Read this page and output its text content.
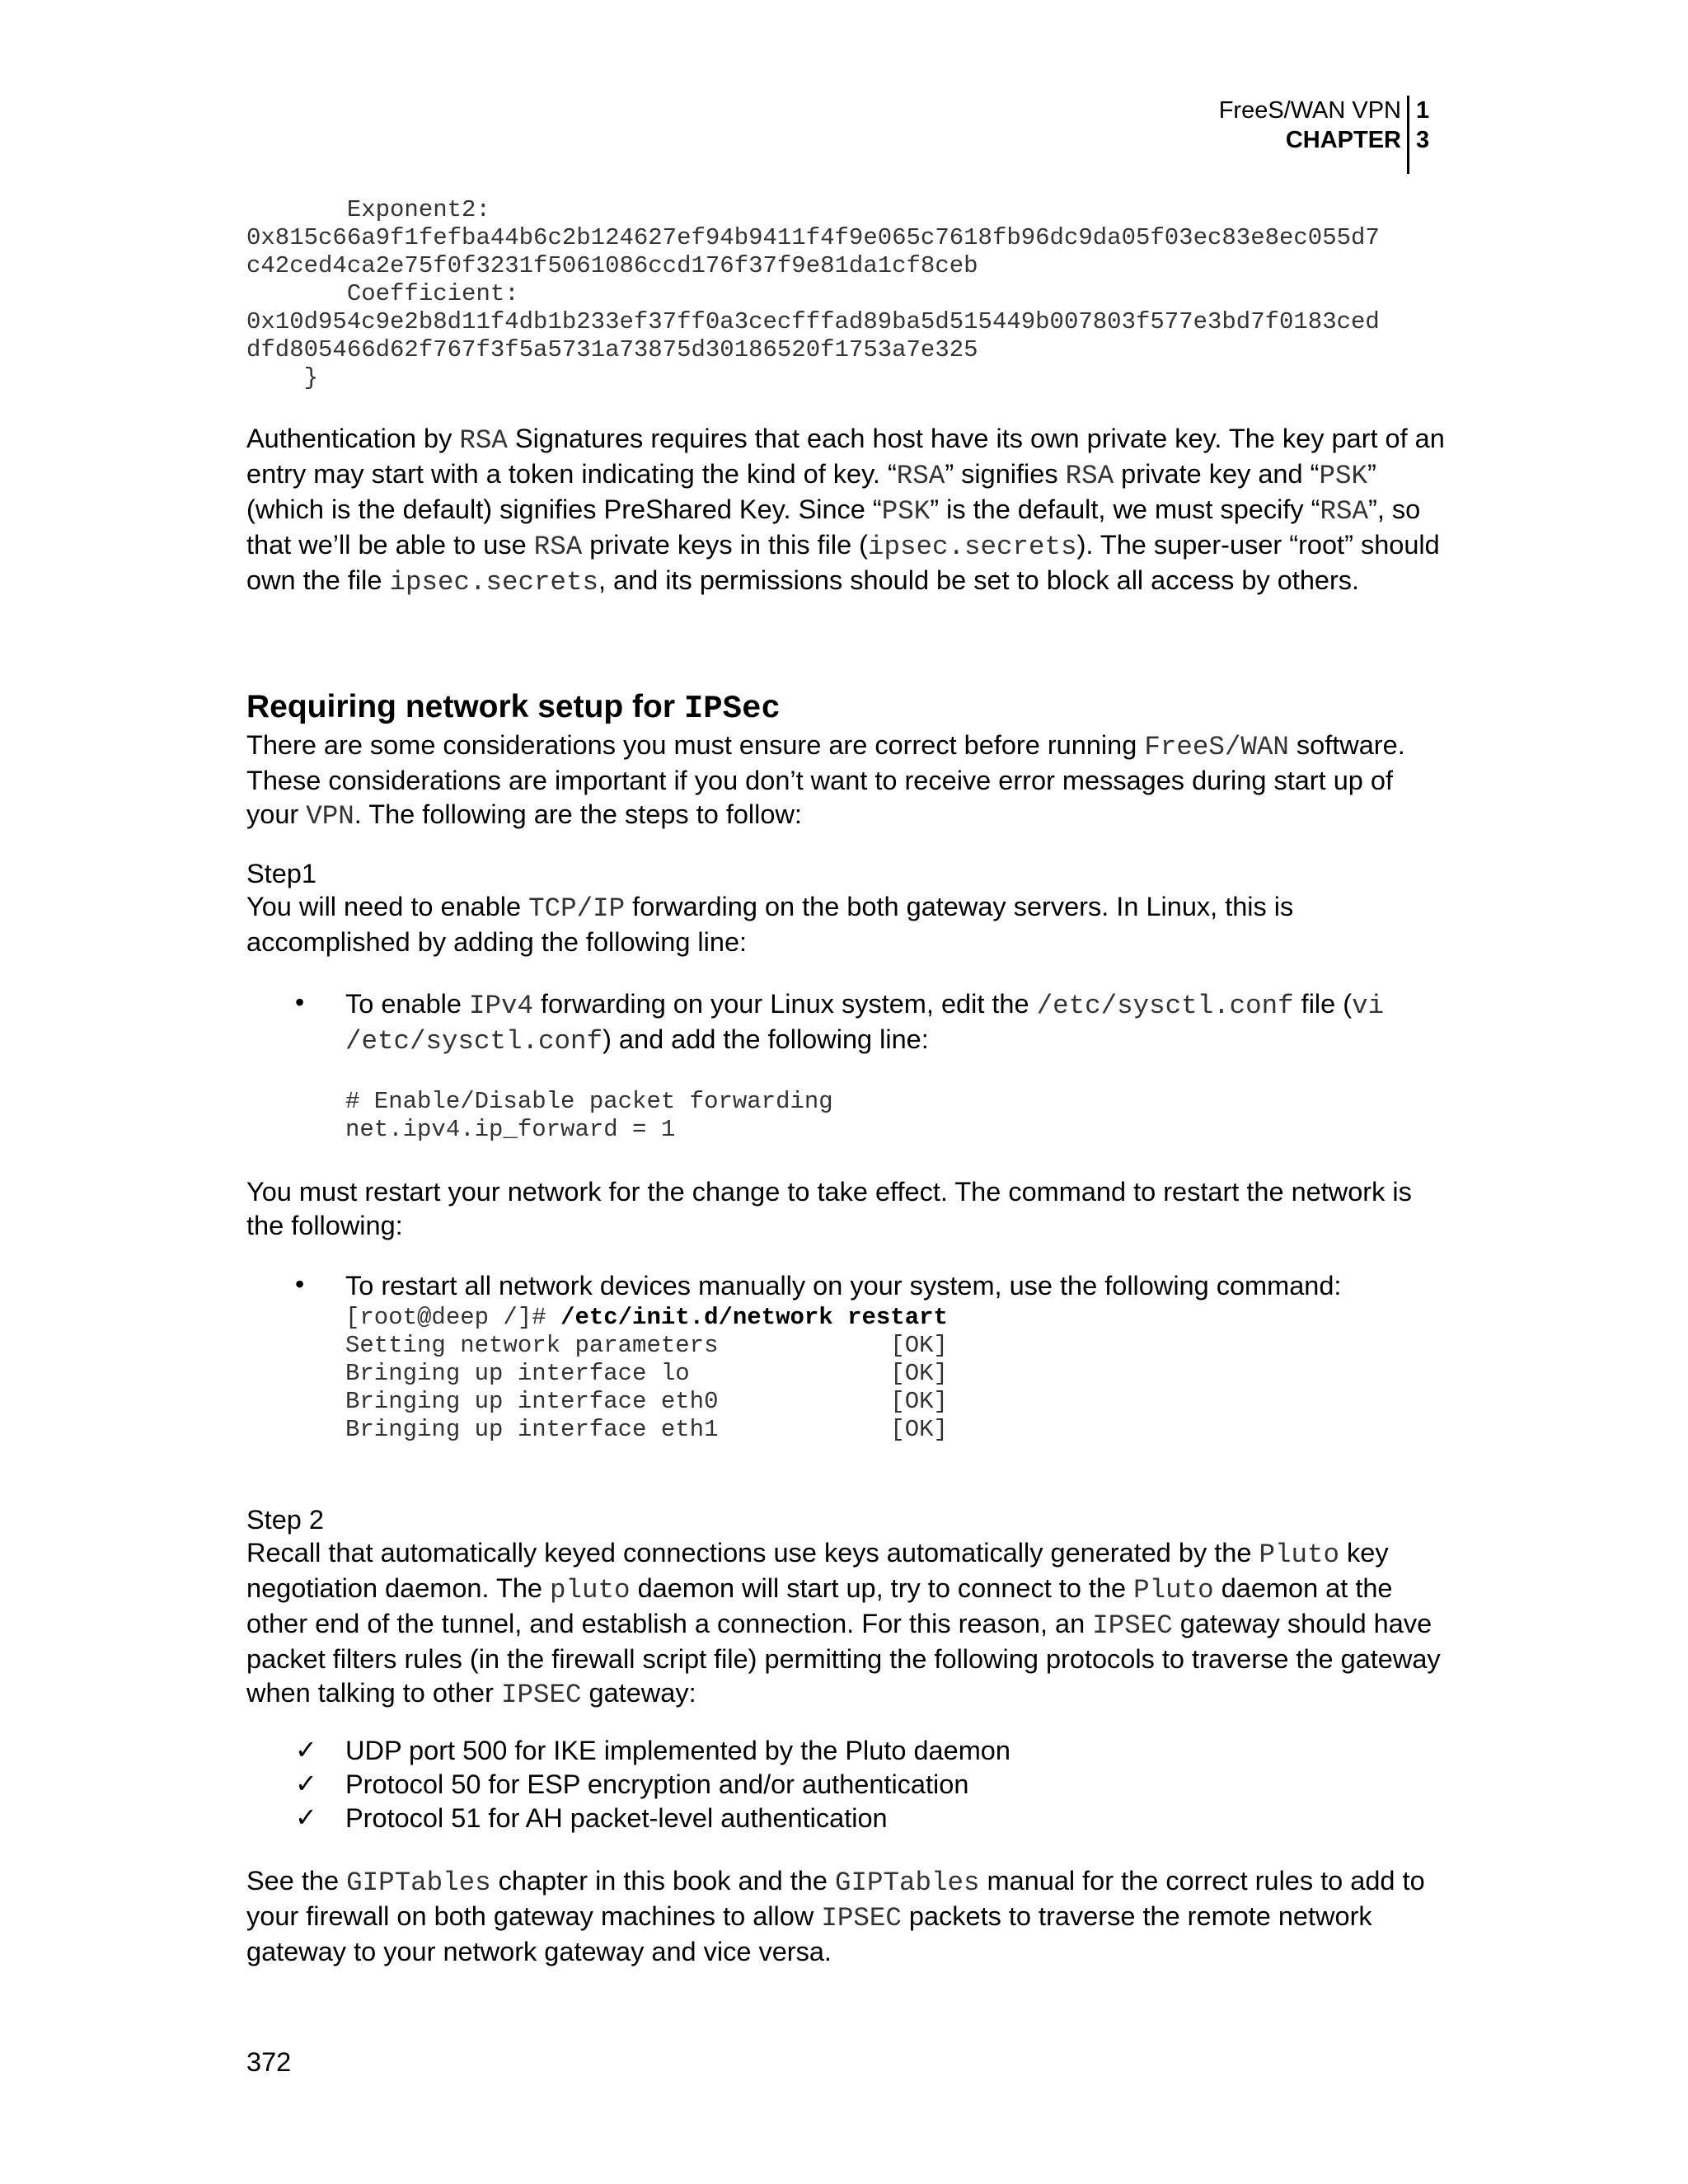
FreeS/WAN VPN
CHAPTER
1
3
Exponent2:
0x815c66a9f1fefba44b6c2b124627ef94b9411f4f9e065c7618fb96dc9da05f03ec83e8ec055d7
c42ced4ca2e75f0f3231f5061086ccd176f37f9e81da1cf8ceb
Coefficient:
0x10d954c9e2b8d11f4db1b233ef37ff0a3cecfffad89ba5d515449b007803f577e3bd7f0183ced
dfd805466d62f767f3f5a5731a73875d30186520f1753a7e325
}

Authentication by RSA Signatures requires that each host have its own private key. The key part of an entry may start with a token indicating the kind of key. “RSA” signifies RSA private key and “PSK” (which is the default) signifies PreShared Key. Since “PSK” is the default, we must specify “RSA”, so that we’ll be able to use RSA private keys in this file (ipsec.secrets). The super-user “root” should own the file ipsec.secrets, and its permissions should be set to block all access by others.

Requiring network setup for IPSec

There are some considerations you must ensure are correct before running FreeS/WAN software. These considerations are important if you don’t want to receive error messages during start up of your VPN. The following are the steps to follow:

Step1

You will need to enable TCP/IP forwarding on the both gateway servers. In Linux, this is accomplished by adding the following line:

• To enable IPv4 forwarding on your Linux system, edit the /etc/sysctl.conf file (vi /etc/sysctl.conf) and add the following line:
# Enable/Disable packet forwarding
net.ipv4.ip_forward = 1

You must restart your network for the change to take effect. The command to restart the network is the following:

• To restart all network devices manually on your system, use the following command:
[root@deep /]# /etc/init.d/network restart
Setting network parameters            [OK]
Bringing up interface lo              [OK]
Bringing up interface eth0            [OK]
Bringing up interface eth1            [OK]
Step 2

Recall that automatically keyed connections use keys automatically generated by the Pluto key negotiation daemon. The pluto daemon will start up, try to connect to the Pluto daemon at the other end of the tunnel, and establish a connection. For this reason, an IPSEC gateway should have packet filters rules (in the firewall script file) permitting the following protocols to traverse the gateway when talking to other IPSEC gateway:

✓ UDP port 500 for IKE implemented by the Pluto daemon
✓ Protocol 50 for ESP encryption and/or authentication
✓ Protocol 51 for AH packet-level authentication

See the GIPTables chapter in this book and the GIPTables manual for the correct rules to add to your firewall on both gateway machines to allow IPSEC packets to traverse the remote network gateway to your network gateway and vice versa.

372
